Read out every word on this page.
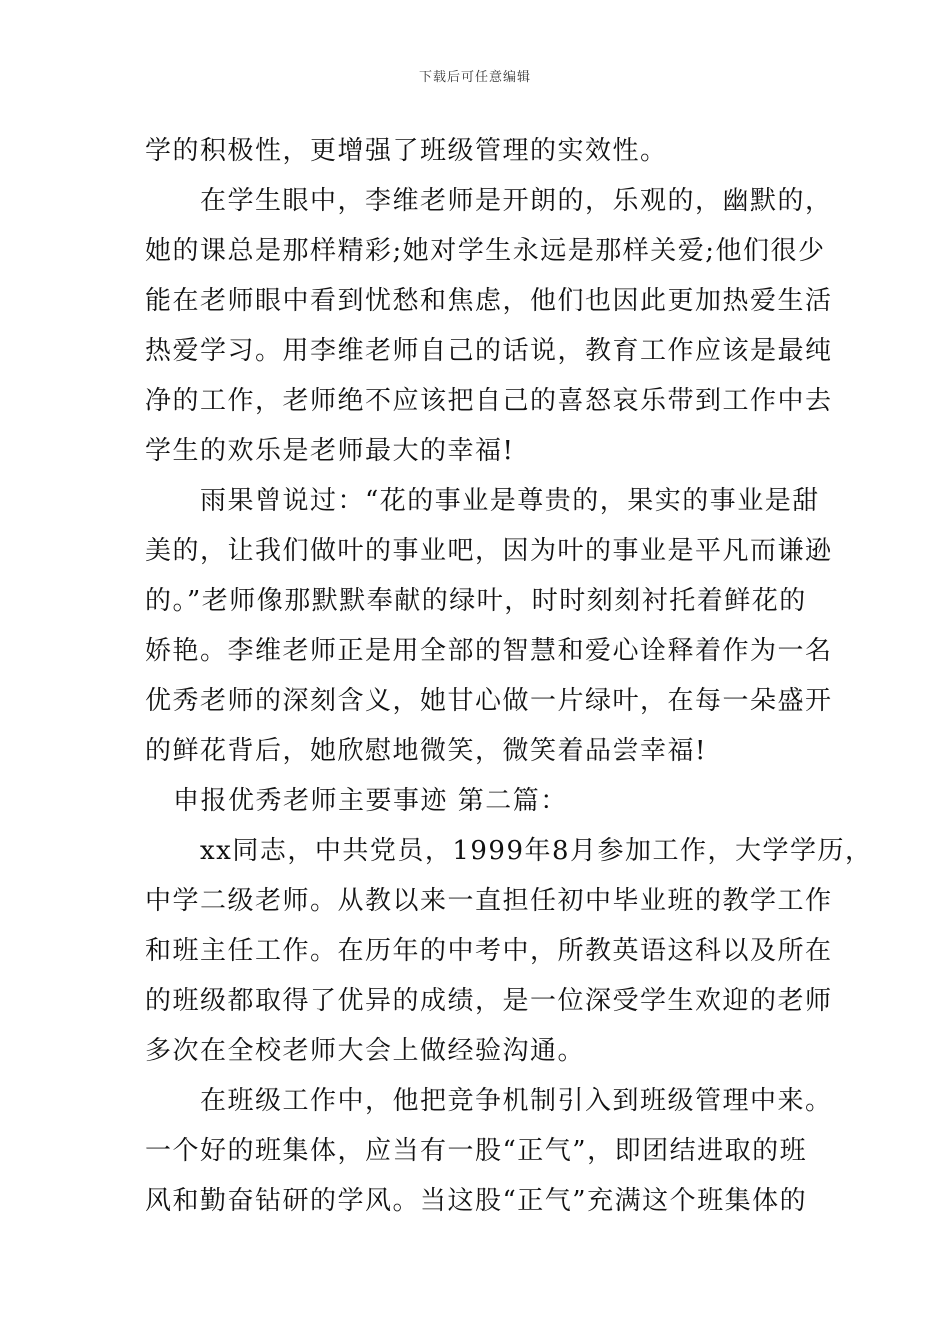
下载后可任意编辑
学的积极性，更增强了班级管理的实效性。
在学生眼中，李维老师是开朗的，乐观的，幽默的，
她的课总是那样精彩;她对学生永远是那样关爱;他们很少
能在老师眼中看到忧愁和焦虑，他们也因此更加热爱生活
热爱学习。用李维老师自己的话说，教育工作应该是最纯
净的工作，老师绝不应该把自己的喜怒哀乐带到工作中去
学生的欢乐是老师最大的幸福!
雨果曾说过：“花的事业是尊贵的，果实的事业是甜
美的，让我们做叶的事业吧，因为叶的事业是平凡而谦逊
的。”老师像那默默奉献的绿叶，时时刻刻衬托着鲜花的
娇艳。李维老师正是用全部的智慧和爱心诠释着作为一名
优秀老师的深刻含义，她甘心做一片绿叶，在每一朵盛开
的鲜花背后，她欣慰地微笑，微笑着品尝幸福!
申报优秀老师主要事迹 第二篇：
xx同志，中共党员，1999年8月参加工作，大学学历，
中学二级老师。从教以来一直担任初中毕业班的教学工作
和班主任工作。在历年的中考中，所教英语这科以及所在
的班级都取得了优异的成绩，是一位深受学生欢迎的老师
多次在全校老师大会上做经验沟通。
在班级工作中，他把竞争机制引入到班级管理中来。
一个好的班集体，应当有一股“正气”，即团结进取的班
风和勤奋钻研的学风。当这股“正气”充满这个班集体的
